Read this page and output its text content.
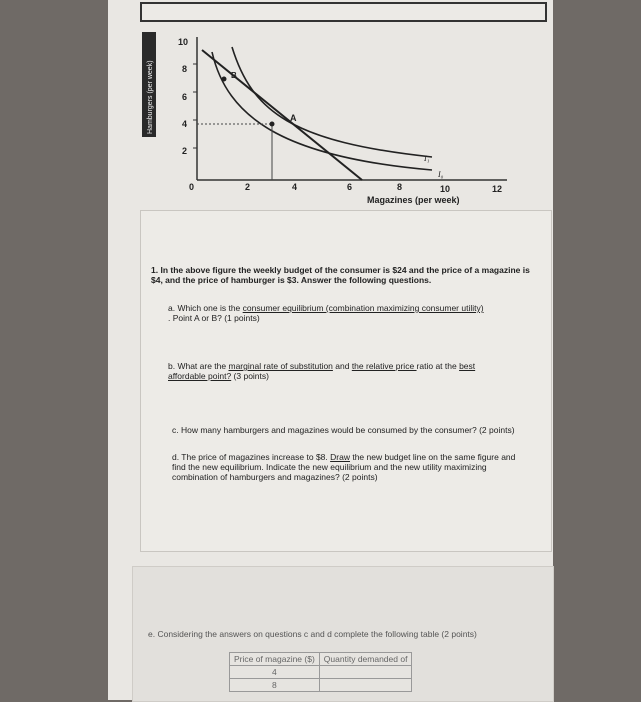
Hamburgers (per week)
10
8
6
4
2
0	2	4	6	8	10	12
Magazines (per week)
A
B
I₁
I₀
1. In the above figure the weekly budget of the consumer is $24 and the price of a magazine is $4, and the price of hamburger is $3. Answer the following questions.
a. Which one is the consumer equilibrium (combination maximizing consumer utility)
. Point A or B? (1 points)
b. What are the marginal rate of substitution and the relative price ratio at the best
affordable point? (3 points)
c. How many hamburgers and magazines would be consumed by the consumer? (2 points)
d. The price of magazines increase to $8. Draw the new budget line on the same figure and
find the new equilibrium. Indicate the new equilibrium and the new utility maximizing
combination of hamburgers and magazines? (2 points)
e. Considering the answers on questions c and d complete the following table (2 points)
Price of magazine ($)	Quantity demanded of
4	
8	
